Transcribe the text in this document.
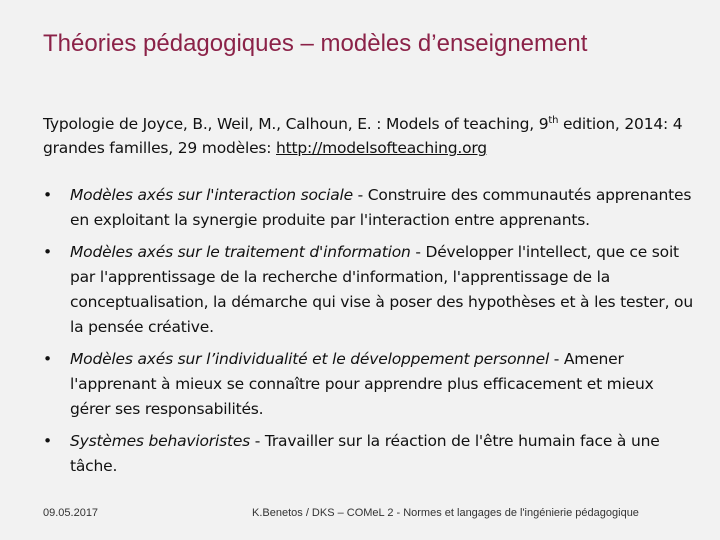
Théories pédagogiques – modèles d’enseignement
Typologie de Joyce, B., Weil, M., Calhoun, E. : Models of teaching, 9th edition, 2014: 4 grandes familles, 29 modèles: http://modelsofteaching.org
• Modèles axés sur l'interaction sociale - Construire des communautés apprenantes en exploitant la synergie produite par l'interaction entre apprenants.
• Modèles axés sur le traitement d'information - Développer l'intellect, que ce soit par l'apprentissage de la recherche d'information, l'apprentissage de la conceptualisation, la démarche qui vise à poser des hypothèses et à les tester, ou la pensée créative.
• Modèles axés sur l’individualité et le développement personnel - Amener l'apprenant à mieux se connaître pour apprendre plus efficacement et mieux gérer ses responsabilités.
• Systèmes behavioristes - Travailler sur la réaction de l'être humain face à une tâche.
09.05.2017	K.Benetos / DKS – COMeL 2 - Normes et langages de l'ingénierie pédagogique
